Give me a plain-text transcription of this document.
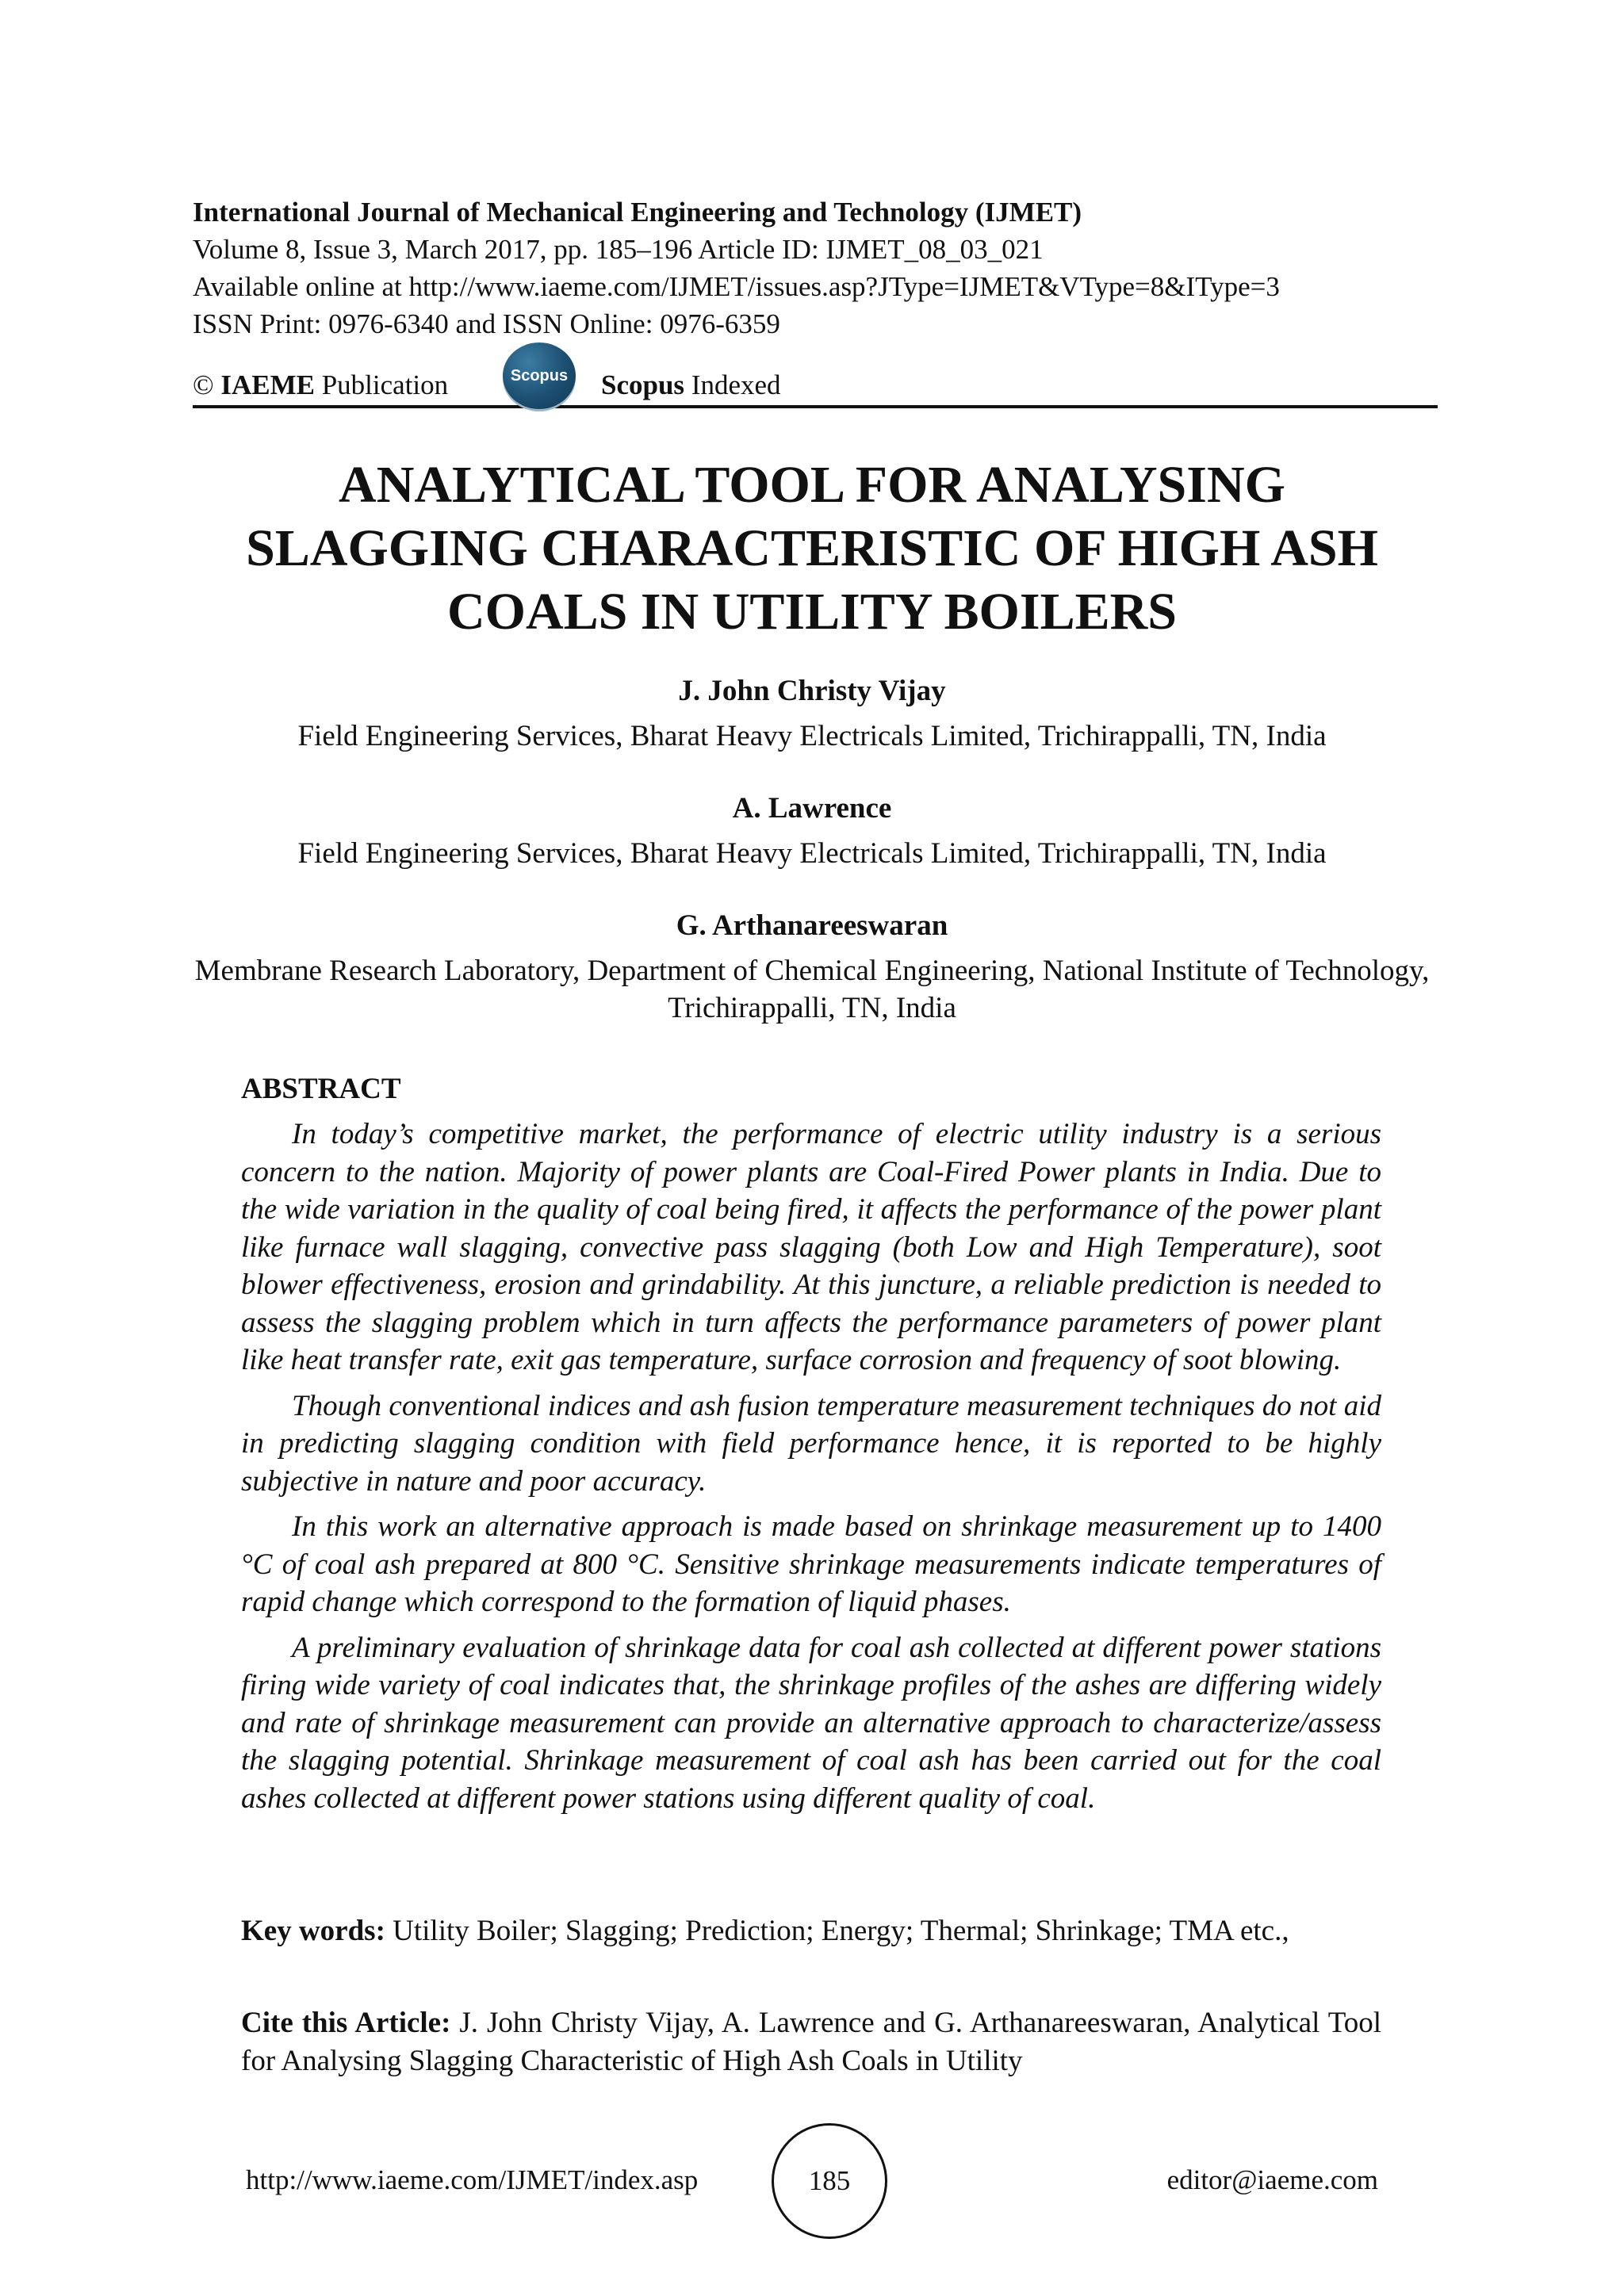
International Journal of Mechanical Engineering and Technology (IJMET)
Volume 8, Issue 3, March 2017, pp. 185–196 Article ID: IJMET_08_03_021
Available online at http://www.iaeme.com/IJMET/issues.asp?JType=IJMET&VType=8&IType=3
ISSN Print: 0976-6340 and ISSN Online: 0976-6359
© IAEME Publication	Scopus Scopus Indexed
ANALYTICAL TOOL FOR ANALYSING
SLAGGING CHARACTERISTIC OF HIGH ASH
COALS IN UTILITY BOILERS
J. John Christy Vijay
Field Engineering Services, Bharat Heavy Electricals Limited, Trichirappalli, TN, India
A. Lawrence
Field Engineering Services, Bharat Heavy Electricals Limited, Trichirappalli, TN, India
G. Arthanareeswaran
Membrane Research Laboratory, Department of Chemical Engineering, National Institute of Technology, Trichirappalli, TN, India
ABSTRACT

In today’s competitive market, the performance of electric utility industry is a serious concern to the nation. Majority of power plants are Coal-Fired Power plants in India. Due to the wide variation in the quality of coal being fired, it affects the performance of the power plant like furnace wall slagging, convective pass slagging (both Low and High Temperature), soot blower effectiveness, erosion and grindability. At this juncture, a reliable prediction is needed to assess the slagging problem which in turn affects the performance parameters of power plant like heat transfer rate, exit gas temperature, surface corrosion and frequency of soot blowing.

Though conventional indices and ash fusion temperature measurement techniques do not aid in predicting slagging condition with field performance hence, it is reported to be highly subjective in nature and poor accuracy.

In this work an alternative approach is made based on shrinkage measurement up to 1400 °C of coal ash prepared at 800 °C. Sensitive shrinkage measurements indicate temperatures of rapid change which correspond to the formation of liquid phases.

A preliminary evaluation of shrinkage data for coal ash collected at different power stations firing wide variety of coal indicates that, the shrinkage profiles of the ashes are differing widely and rate of shrinkage measurement can provide an alternative approach to characterize/assess the slagging potential. Shrinkage measurement of coal ash has been carried out for the coal ashes collected at different power stations using different quality of coal.

Key words: Utility Boiler; Slagging; Prediction; Energy; Thermal; Shrinkage; TMA etc.,
Cite this Article: J. John Christy Vijay, A. Lawrence and G. Arthanareeswaran, Analytical Tool for Analysing Slagging Characteristic of High Ash Coals in Utility
http://www.iaeme.com/IJMET/index.asp	185	editor@iaeme.com
